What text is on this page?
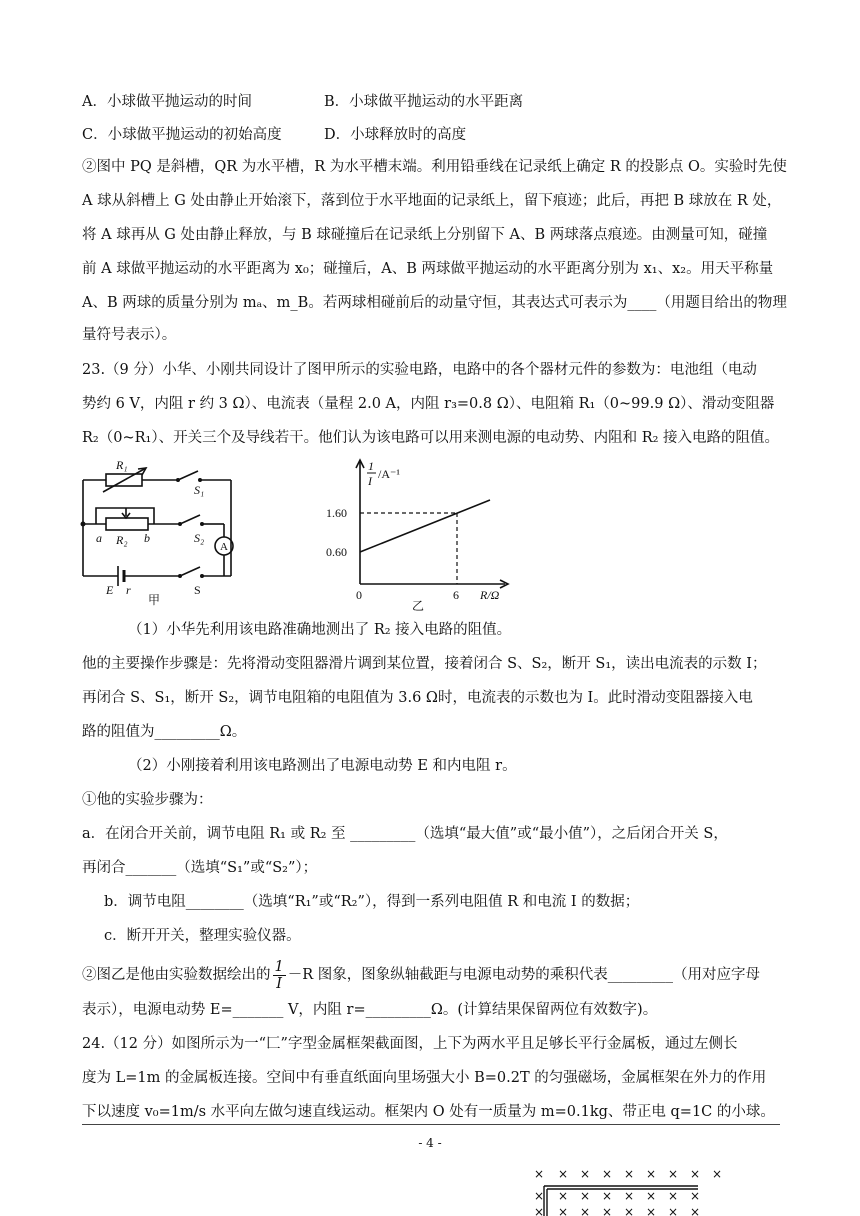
A．小球做平抛运动的时间	B．小球做平抛运动的水平距离
C．小球做平抛运动的初始高度	D．小球释放时的高度
②图中 PQ 是斜槽，QR 为水平槽，R 为水平槽末端。利用铅垂线在记录纸上确定 R 的投影点 O。实验时先使
A 球从斜槽上 G 处由静止开始滚下，落到位于水平地面的记录纸上，留下痕迹；此后，再把 B 球放在 R 处，
将 A 球再从 G 处由静止释放，与 B 球碰撞后在记录纸上分别留下 A、B 两球落点痕迹。由测量可知，碰撞
前 A 球做平抛运动的水平距离为 x₀；碰撞后，A、B 两球做平抛运动的水平距离分别为 x₁、x₂。用天平称量
A、B 两球的质量分别为 mₐ、m_B。若两球相碰前后的动量守恒，其表达式可表示为____（用题目给出的物理
量符号表示）。
23.（9 分）小华、小刚共同设计了图甲所示的实验电路，电路中的各个器材元件的参数为：电池组（电动
势约 6 V，内阻 r 约 3 Ω）、电流表（量程 2.0 A，内阻 r₃=0.8 Ω）、电阻箱 R₁（0~99.9 Ω）、滑动变阻器
R₂（0~R₁）、开关三个及导线若干。他们认为该电路可以用来测电源的电动势、内阻和 R₂ 接入电路的阻值。
R₁
S₁
a R₂ b	S₂
A
E r	S
甲
1
I /A⁻¹
1.60
0.60
0	6 R/Ω
乙
（1）小华先利用该电路准确地测出了 R₂ 接入电路的阻值。
他的主要操作步骤是：先将滑动变阻器滑片调到某位置，接着闭合 S、S₂，断开 S₁，读出电流表的示数 I；
再闭合 S、S₁，断开 S₂，调节电阻箱的电阻值为 3.6 Ω时，电流表的示数也为 I。此时滑动变阻器接入电
路的阻值为_________Ω。
（2）小刚接着利用该电路测出了电源电动势 E 和内电阻 r。
①他的实验步骤为：
a．在闭合开关前，调节电阻 R₁ 或 R₂ 至 _________（选填“最大值”或“最小值”），之后闭合开关 S，
再闭合_______（选填“S₁”或“S₂”）；
b．调节电阻________（选填“R₁”或“R₂”），得到一系列电阻值 R 和电流 I 的数据；
c．断开开关，整理实验仪器。
②图乙是他由实验数据绘出的 $\frac{1}{I} -R$ 图象，图象纵轴截距与电源电动势的乘积代表_________（用对应字母
表示），电源电动势 E=_______ V，内阻 r=_________Ω。(计算结果保留两位有效数字)。
24.（12 分）如图所示为一“匚”字型金属框架截面图，上下为两水平且足够长平行金属板，通过左侧长
度为 L=1m 的金属板连接。空间中有垂直纸面向里场强大小 B=0.2T 的匀强磁场，金属框架在外力的作用
下以速度 v₀=1m/s 水平向左做匀速直线运动。框架内 O 处有一质量为 m=0.1kg、带正电 q=1C 的小球。
- 4 -
× × × × × × × × ×
× × × × × × × ×
× × × × × × × ×
